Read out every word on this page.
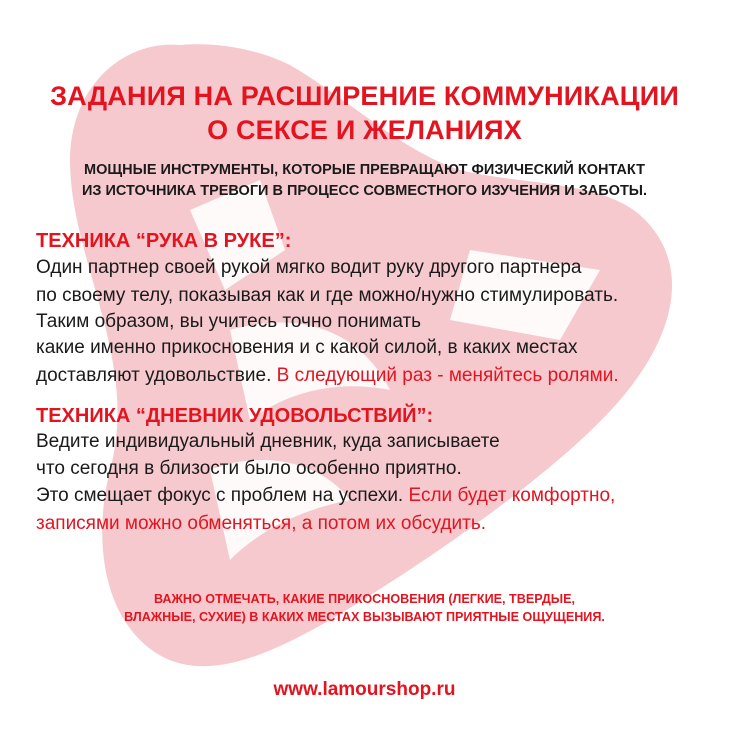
ЗАДАНИЯ НА РАСШИРЕНИЕ КОММУНИКАЦИИ
О СЕКСЕ И ЖЕЛАНИЯХ
МОЩНЫЕ ИНСТРУМЕНТЫ, КОТОРЫЕ ПРЕВРАЩАЮТ ФИЗИЧЕСКИЙ КОНТАКТ
ИЗ ИСТОЧНИКА ТРЕВОГИ В ПРОЦЕСС СОВМЕСТНОГО ИЗУЧЕНИЯ И ЗАБОТЫ.
ТЕХНИКА “РУКА В РУКЕ”:
Один партнер своей рукой мягко водит руку другого партнера
по своему телу, показывая как и где можно/нужно стимулировать.
Таким образом, вы учитесь точно понимать
какие именно прикосновения и с какой силой, в каких местах
доставляют удовольствие. В следующий раз - меняйтесь ролями.
ТЕХНИКА “ДНЕВНИК УДОВОЛЬСТВИЙ”:
Ведите индивидуальный дневник, куда записываете
что сегодня в близости было особенно приятно.
Это смещает фокус с проблем на успехи. Если будет комфортно,
записями можно обменяться, а потом их обсудить.
ВАЖНО ОТМЕЧАТЬ, КАКИЕ ПРИКОСНОВЕНИЯ (ЛЕГКИЕ, ТВЕРДЫЕ,
ВЛАЖНЫЕ, СУХИЕ) В КАКИХ МЕСТАХ ВЫЗЫВАЮТ ПРИЯТНЫЕ ОЩУЩЕНИЯ.
www.lamourshop.ru
